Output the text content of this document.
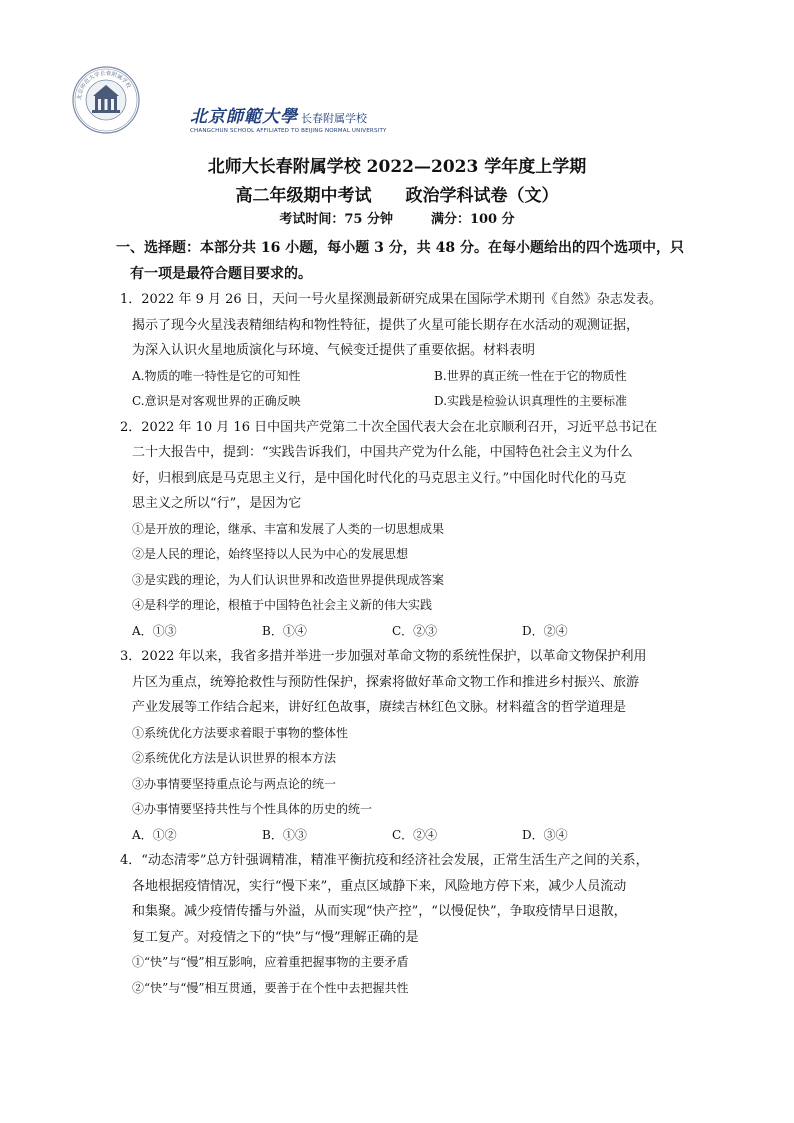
北京师范大学长春附属学校
北京師範大學 长春附属学校
CHANGCHUN SCHOOL AFFILIATED TO BEIJING NORMAL UNIVERSITY
北师大长春附属学校 2022—2023 学年度上学期
高二年级期中考试 政治学科试卷（文）
考试时间：75 分钟	满分：100 分
一、选择题：本部分共 16 小题，每小题 3 分，共 48 分。在每小题给出的四个选项中，只
有一项是最符合题目要求的。
1．2022 年 9 月 26 日，天问一号火星探测最新研究成果在国际学术期刊《自然》杂志发表。
揭示了现今火星浅表精细结构和物性特征，提供了火星可能长期存在水活动的观测证据，
为深入认识火星地质演化与环境、气候变迁提供了重要依据。材料表明
A.物质的唯一特性是它的可知性	B.世界的真正统一性在于它的物质性
C.意识是对客观世界的正确反映	D.实践是检验认识真理性的主要标准
2．2022 年 10 月 16 日中国共产党第二十次全国代表大会在北京顺利召开，习近平总书记在
二十大报告中，提到：“实践告诉我们，中国共产党为什么能，中国特色社会主义为什么
好，归根到底是马克思主义行，是中国化时代化的马克思主义行。”中国化时代化的马克
思主义之所以“行”，是因为它
①是开放的理论，继承、丰富和发展了人类的一切思想成果
②是人民的理论，始终坚持以人民为中心的发展思想
③是实践的理论，为人们认识世界和改造世界提供现成答案
④是科学的理论，根植于中国特色社会主义新的伟大实践
A．①③	B．①④	C．②③	D．②④
3．2022 年以来，我省多措并举进一步加强对革命文物的系统性保护，以革命文物保护利用
片区为重点，统筹抢救性与预防性保护，探索将做好革命文物工作和推进乡村振兴、旅游
产业发展等工作结合起来，讲好红色故事，赓续吉林红色文脉。材料蕴含的哲学道理是
①系统优化方法要求着眼于事物的整体性
②系统优化方法是认识世界的根本方法
③办事情要坚持重点论与两点论的统一
④办事情要坚持共性与个性具体的历史的统一
A．①②	B．①③	C．②④	D．③④
4．“动态清零”总方针强调精准，精准平衡抗疫和经济社会发展，正常生活生产之间的关系，
各地根据疫情情况，实行“慢下来”，重点区域静下来，风险地方停下来，减少人员流动
和集聚。减少疫情传播与外溢，从而实现“快产控”，“以慢促快”，争取疫情早日退散，
复工复产。对疫情之下的“快”与“慢”理解正确的是
①“快”与“慢”相互影响，应着重把握事物的主要矛盾
②“快”与“慢”相互贯通，要善于在个性中去把握共性
